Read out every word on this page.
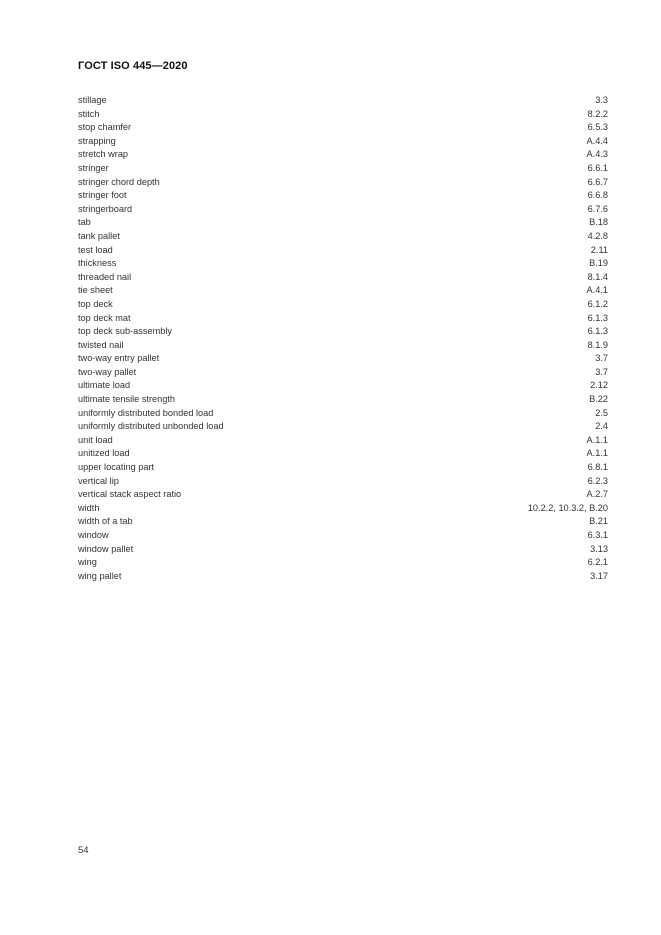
ГОСТ ISO 445—2020
stillage	3.3
stitch	8.2.2
stop chamfer	6.5.3
strapping	A.4.4
stretch wrap	A.4.3
stringer	6.6.1
stringer chord depth	6.6.7
stringer foot	6.6.8
stringerboard	6.7.6
tab	B.18
tank pallet	4.2.8
test load	2.11
thickness	B.19
threaded nail	8.1.4
tie sheet	A.4.1
top deck	6.1.2
top deck mat	6.1.3
top deck sub-assembly	6.1.3
twisted nail	8.1.9
two-way entry pallet	3.7
two-way pallet	3.7
ultimate load	2.12
ultimate tensile strength	B.22
uniformly distributed bonded load	2.5
uniformly distributed unbonded load	2.4
unit load	A.1.1
unitized load	A.1.1
upper locating part	6.8.1
vertical lip	6.2.3
vertical stack aspect ratio	A.2.7
width	10.2.2, 10.3.2, B.20
width of a tab	B.21
window	6.3.1
window pallet	3.13
wing	6.2.1
wing pallet	3.17
54
